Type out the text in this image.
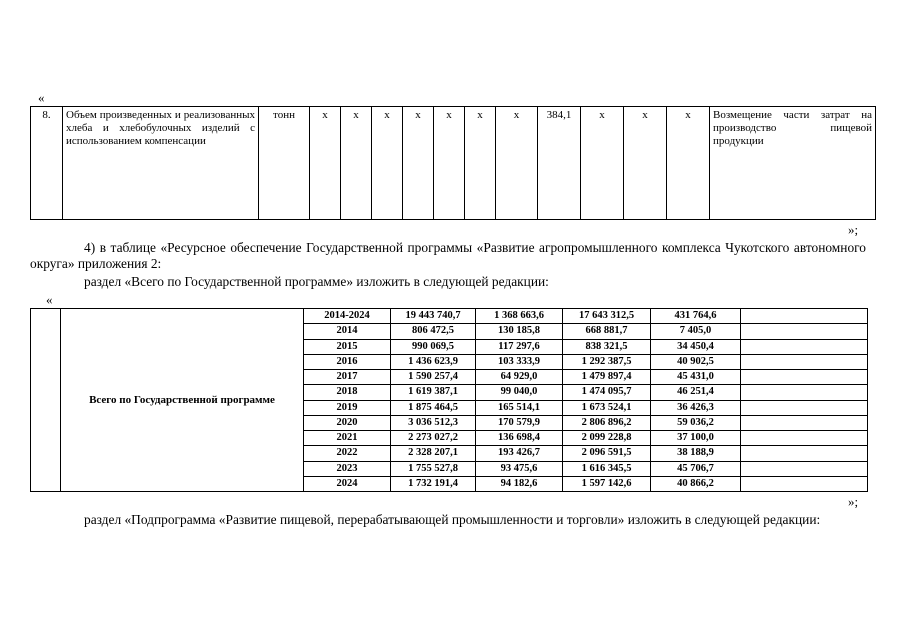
«
8.	Объем произведенных и реализованных хлеба и хлебобулочных изделий с использованием компенсации	тонн	х	х	х	х	х	х	х	384,1	х	х	х	Возмещение части затрат на производство пищевой продукции
»;
4) в таблице «Ресурсное обеспечение Государственной программы «Развитие агропромышленного комплекса Чукотского автономного округа» приложения 2:
раздел «Всего по Государственной программе» изложить в следующей редакции:
«
	Всего по Государственной программе	2014-2024	19 443 740,7	1 368 663,6	17 643 312,5	431 764,6	
		2014	806 472,5	130 185,8	668 881,7	7 405,0	
		2015	990 069,5	117 297,6	838 321,5	34 450,4	
		2016	1 436 623,9	103 333,9	1 292 387,5	40 902,5	
		2017	1 590 257,4	64 929,0	1 479 897,4	45 431,0	
		2018	1 619 387,1	99 040,0	1 474 095,7	46 251,4	
		2019	1 875 464,5	165 514,1	1 673 524,1	36 426,3	
		2020	3 036 512,3	170 579,9	2 806 896,2	59 036,2	
		2021	2 273 027,2	136 698,4	2 099 228,8	37 100,0	
		2022	2 328 207,1	193 426,7	2 096 591,5	38 188,9	
		2023	1 755 527,8	93 475,6	1 616 345,5	45 706,7	
		2024	1 732 191,4	94 182,6	1 597 142,6	40 866,2	
»;
раздел «Подпрограмма «Развитие пищевой, перерабатывающей промышленности и торговли» изложить в следующей редакции:
